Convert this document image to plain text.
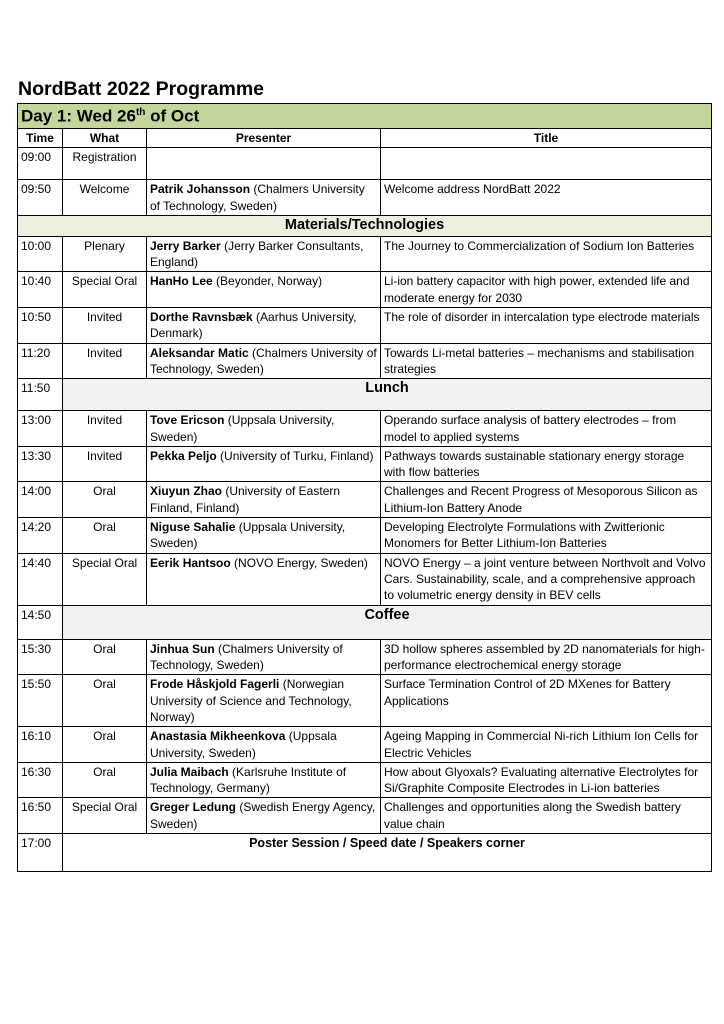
NordBatt 2022 Programme
Day 1: Wed 26th of Oct			
Time	What	Presenter	Title
09:00	Registration		
09:50	Welcome	Patrik Johansson (Chalmers University of Technology, Sweden)	Welcome address NordBatt 2022
Materials/Technologies			
10:00	Plenary	Jerry Barker (Jerry Barker Consultants, England)	The Journey to Commercialization of Sodium Ion Batteries
10:40	Special Oral	HanHo Lee (Beyonder, Norway)	Li-ion battery capacitor with high power, extended life and moderate energy for 2030
10:50	Invited	Dorthe Ravnsbæk (Aarhus University, Denmark)	The role of disorder in intercalation type electrode materials
11:20	Invited	Aleksandar Matic (Chalmers University of Technology, Sweden)	Towards Li-metal batteries – mechanisms and stabilisation strategies
11:50	Lunch		
13:00	Invited	Tove Ericson (Uppsala University, Sweden)	Operando surface analysis of battery electrodes – from model to applied systems
13:30	Invited	Pekka Peljo (University of Turku, Finland)	Pathways towards sustainable stationary energy storage with flow batteries
14:00	Oral	Xiuyun Zhao (University of Eastern Finland, Finland)	Challenges and Recent Progress of Mesoporous Silicon as Lithium-Ion Battery Anode
14:20	Oral	Niguse Sahalie (Uppsala University, Sweden)	Developing Electrolyte Formulations with Zwitterionic Monomers for Better Lithium-Ion Batteries
14:40	Special Oral	Eerik Hantsoo (NOVO Energy, Sweden)	NOVO Energy – a joint venture between Northvolt and Volvo Cars. Sustainability, scale, and a comprehensive approach to volumetric energy density in BEV cells
14:50	Coffee		
15:30	Oral	Jinhua Sun (Chalmers University of Technology, Sweden)	3D hollow spheres assembled by 2D nanomaterials for high-performance electrochemical energy storage
15:50	Oral	Frode Håskjold Fagerli (Norwegian University of Science and Technology, Norway)	Surface Termination Control of 2D MXenes for Battery Applications
16:10	Oral	Anastasia Mikheenkova (Uppsala University, Sweden)	Ageing Mapping in Commercial Ni-rich Lithium Ion Cells for Electric Vehicles
16:30	Oral	Julia Maibach (Karlsruhe Institute of Technology, Germany)	How about Glyoxals? Evaluating alternative Electrolytes for Si/Graphite Composite Electrodes in Li-ion batteries
16:50	Special Oral	Greger Ledung (Swedish Energy Agency, Sweden)	Challenges and opportunities along the Swedish battery value chain
17:00	Poster Session / Speed date / Speakers corner		
